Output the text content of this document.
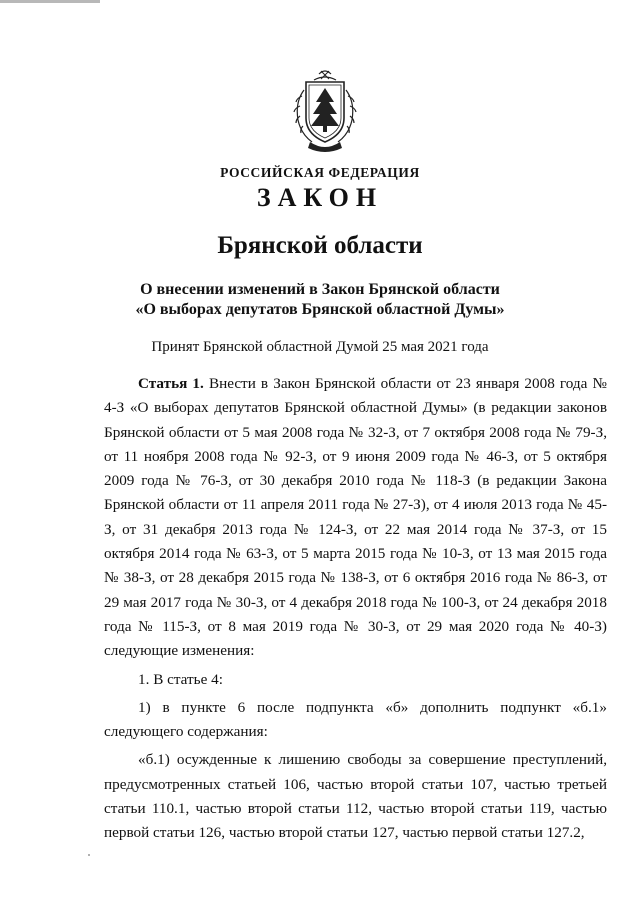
РОССИЙСКАЯ ФЕДЕРАЦИЯ
ЗАКОН
Брянской области
О внесении изменений в Закон Брянской области
«О выборах депутатов Брянской областной Думы»
Принят Брянской областной Думой 25 мая 2021 года

Статья 1. Внести в Закон Брянской области от 23 января 2008 года № 4-З «О выборах депутатов Брянской областной Думы» (в редакции законов Брянской области от 5 мая 2008 года № 32-З, от 7 октября 2008 года № 79-З, от 11 ноября 2008 года № 92-З, от 9 июня 2009 года № 46-З, от 5 октября 2009 года № 76-З, от 30 декабря 2010 года № 118-З (в редакции Закона Брянской области от 11 апреля 2011 года № 27-З), от 4 июля 2013 года № 45-З, от 31 декабря 2013 года № 124-З, от 22 мая 2014 года № 37-З, от 15 октября 2014 года № 63-З, от 5 марта 2015 года № 10-З, от 13 мая 2015 года № 38-З, от 28 декабря 2015 года № 138-З, от 6 октября 2016 года № 86-З, от 29 мая 2017 года № 30-З, от 4 декабря 2018 года № 100-З, от 24 декабря 2018 года № 115-З, от 8 мая 2019 года № 30-З, от 29 мая 2020 года № 40-З) следующие изменения:

1. В статье 4:

1) в пункте 6 после подпункта «б» дополнить подпункт «б.1» следующего содержания:

«б.1) осужденные к лишению свободы за совершение преступлений, предусмотренных статьей 106, частью второй статьи 107, частью третьей статьи 110.1, частью второй статьи 112, частью второй статьи 119, частью первой статьи 126, частью второй статьи 127, частью первой статьи 127.2,
